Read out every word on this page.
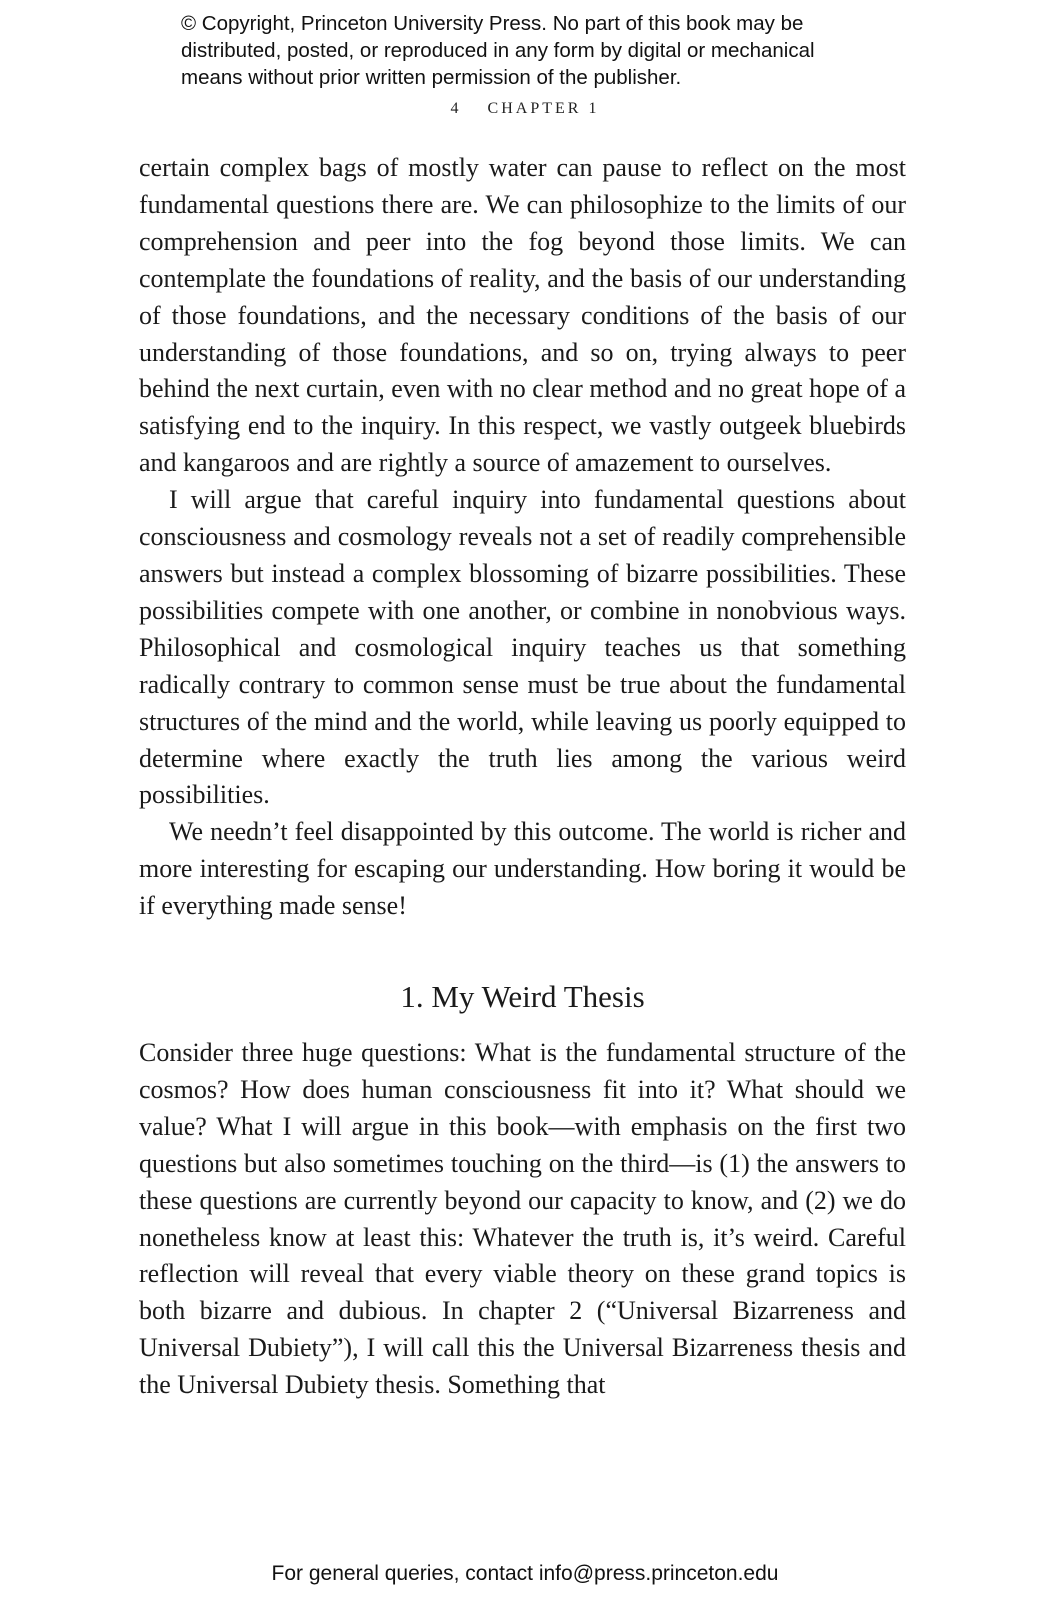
© Copyright, Princeton University Press. No part of this book may be
distributed, posted, or reproduced in any form by digital or mechanical
means without prior written permission of the publisher.
4 CHAPTER 1

certain complex bags of mostly water can pause to reflect on the most fundamental questions there are. We can philosophize to the limits of our comprehension and peer into the fog beyond those limits. We can contemplate the foundations of reality, and the basis of our understanding of those foundations, and the necessary conditions of the basis of our understanding of those foundations, and so on, trying always to peer behind the next curtain, even with no clear method and no great hope of a satisfying end to the inquiry. In this respect, we vastly outgeek bluebirds and kangaroos and are rightly a source of amazement to ourselves.

I will argue that careful inquiry into fundamental questions about consciousness and cosmology reveals not a set of readily comprehensible answers but instead a complex blossoming of bizarre possibilities. These possibilities compete with one another, or combine in nonobvious ways. Philosophical and cosmological inquiry teaches us that something radically contrary to common sense must be true about the fundamental structures of the mind and the world, while leaving us poorly equipped to determine where exactly the truth lies among the various weird possibilities.

We needn’t feel disappointed by this outcome. The world is richer and more interesting for escaping our understanding. How boring it would be if everything made sense!

1. My Weird Thesis

Consider three huge questions: What is the fundamental structure of the cosmos? How does human consciousness fit into it? What should we value? What I will argue in this book—with emphasis on the first two questions but also sometimes touching on the third—is (1) the answers to these questions are currently beyond our capacity to know, and (2) we do nonetheless know at least this: Whatever the truth is, it’s weird. Careful reflection will reveal that every viable theory on these grand topics is both bizarre and dubious. In chapter 2 (“Universal Bizarreness and Universal Dubiety”), I will call this the Universal Bizarreness thesis and the Universal Dubiety thesis. Something that

For general queries, contact info@press.princeton.edu
